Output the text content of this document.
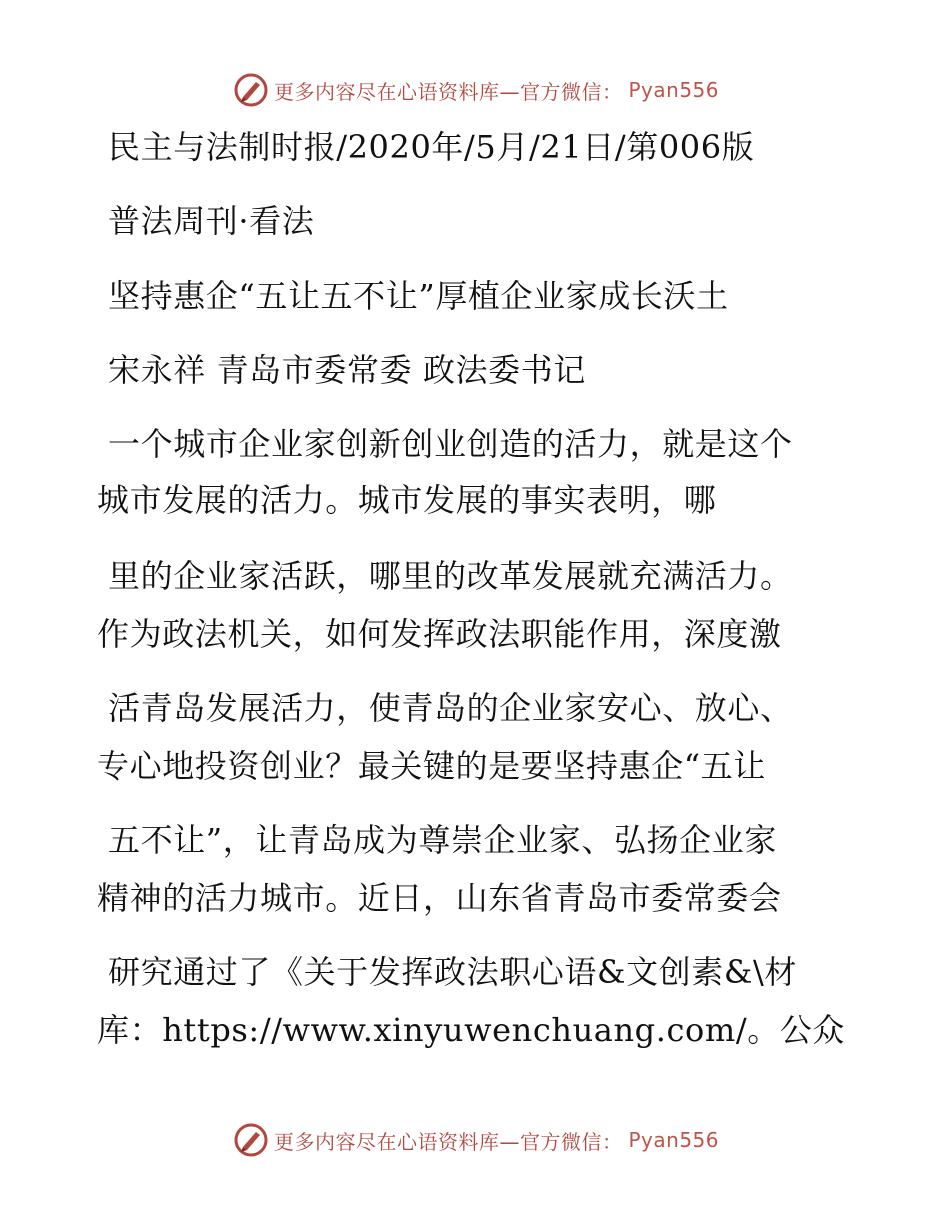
更多内容尽在心语资料库—官方微信： Pyan556
民主与法制时报/2020年/5月/21日/第006版
普法周刊·看法
坚持惠企“五让五不让”厚植企业家成长沃土
宋永祥 青岛市委常委 政法委书记
一个城市企业家创新创业创造的活力，就是这个
城市发展的活力。城市发展的事实表明，哪
里的企业家活跃，哪里的改革发展就充满活力。
作为政法机关，如何发挥政法职能作用，深度激
活青岛发展活力，使青岛的企业家安心、放心、
专心地投资创业？最关键的是要坚持惠企“五让
五不让”，让青岛成为尊崇企业家、弘扬企业家
精神的活力城市。近日，山东省青岛市委常委会
研究通过了《关于发挥政法职心语&文创素&\材
库：https://www.xinyuwenchuang.com/。公众
更多内容尽在心语资料库—官方微信： Pyan556
